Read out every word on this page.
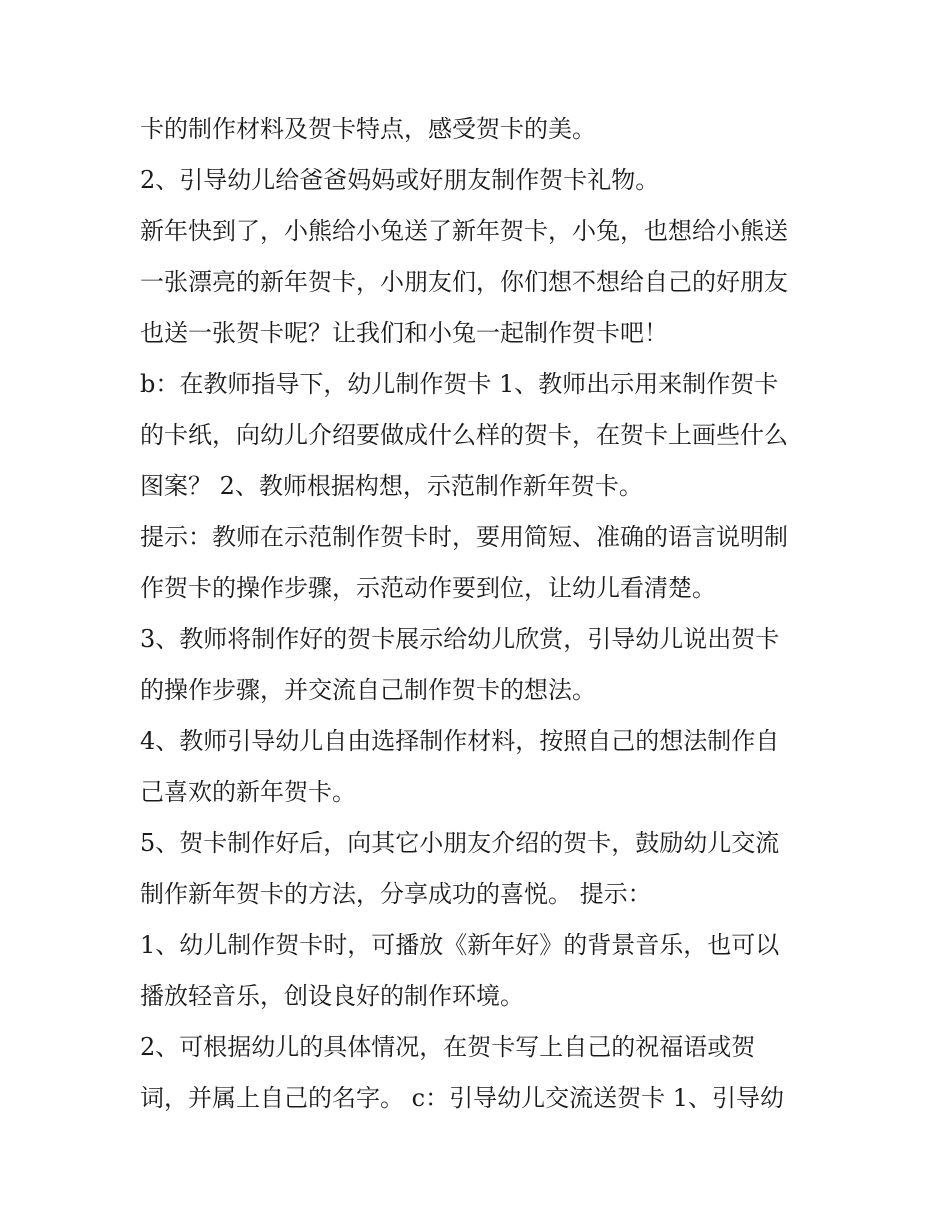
卡的制作材料及贺卡特点，感受贺卡的美。
2、引导幼儿给爸爸妈妈或好朋友制作贺卡礼物。
新年快到了，小熊给小兔送了新年贺卡，小兔，也想给小熊送
一张漂亮的新年贺卡，小朋友们，你们想不想给自己的好朋友
也送一张贺卡呢？让我们和小兔一起制作贺卡吧！
b：在教师指导下，幼儿制作贺卡 1、教师出示用来制作贺卡
的卡纸，向幼儿介绍要做成什么样的贺卡，在贺卡上画些什么
图案？ 2、教师根据构想，示范制作新年贺卡。
提示：教师在示范制作贺卡时，要用简短、准确的语言说明制
作贺卡的操作步骤，示范动作要到位，让幼儿看清楚。
3、教师将制作好的贺卡展示给幼儿欣赏，引导幼儿说出贺卡
的操作步骤，并交流自己制作贺卡的想法。
4、教师引导幼儿自由选择制作材料，按照自己的想法制作自
己喜欢的新年贺卡。
5、贺卡制作好后，向其它小朋友介绍的贺卡，鼓励幼儿交流
制作新年贺卡的方法，分享成功的喜悦。 提示：
1、幼儿制作贺卡时，可播放《新年好》的背景音乐，也可以
播放轻音乐，创设良好的制作环境。
2、可根据幼儿的具体情况，在贺卡写上自己的祝福语或贺
词，并属上自己的名字。 c：引导幼儿交流送贺卡 1、引导幼
